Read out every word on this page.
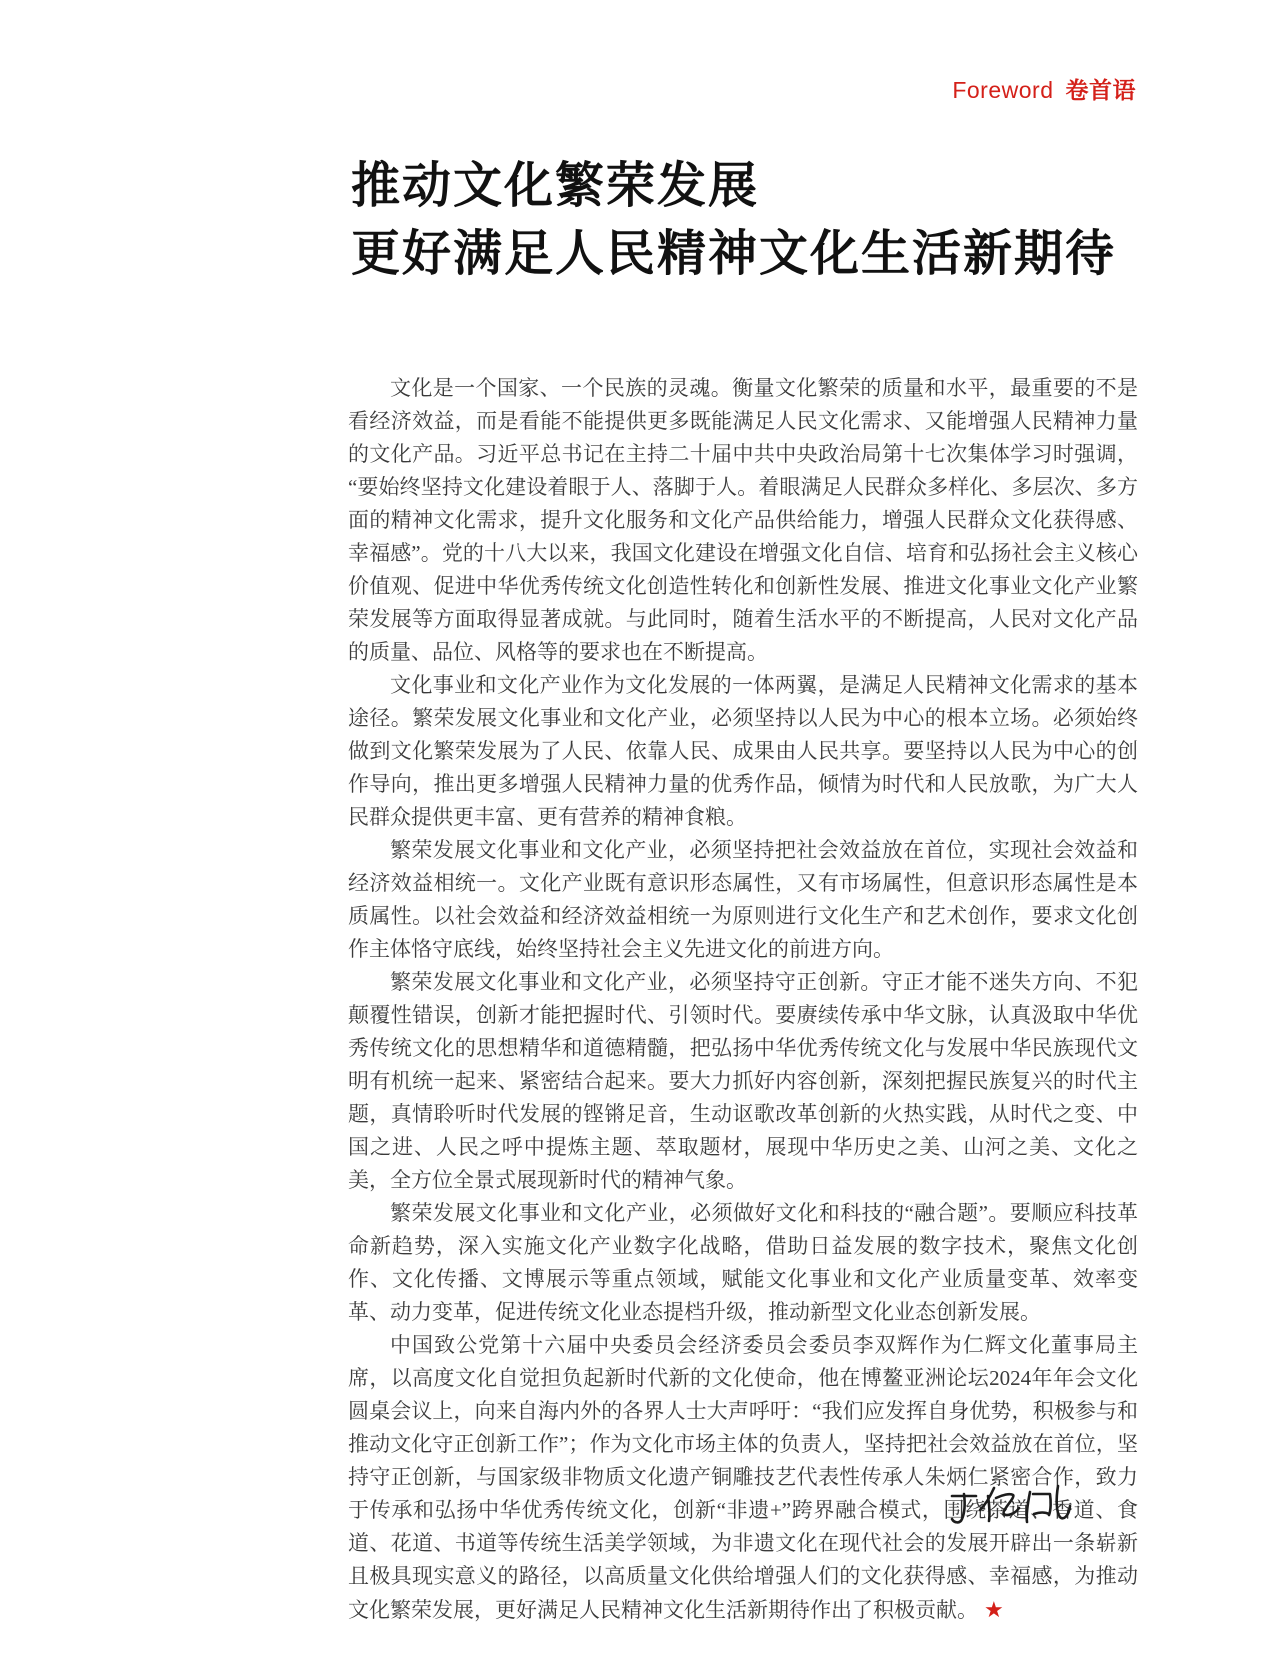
Foreword 卷首语
推动文化繁荣发展
更好满足人民精神文化生活新期待

文化是一个国家、一个民族的灵魂。衡量文化繁荣的质量和水平，最重要的不是看经济效益，而是看能不能提供更多既能满足人民文化需求、又能增强人民精神力量的文化产品。习近平总书记在主持二十届中共中央政治局第十七次集体学习时强调，“要始终坚持文化建设着眼于人、落脚于人。着眼满足人民群众多样化、多层次、多方面的精神文化需求，提升文化服务和文化产品供给能力，增强人民群众文化获得感、幸福感”。党的十八大以来，我国文化建设在增强文化自信、培育和弘扬社会主义核心价值观、促进中华优秀传统文化创造性转化和创新性发展、推进文化事业文化产业繁荣发展等方面取得显著成就。与此同时，随着生活水平的不断提高，人民对文化产品的质量、品位、风格等的要求也在不断提高。

文化事业和文化产业作为文化发展的一体两翼，是满足人民精神文化需求的基本途径。繁荣发展文化事业和文化产业，必须坚持以人民为中心的根本立场。必须始终做到文化繁荣发展为了人民、依靠人民、成果由人民共享。要坚持以人民为中心的创作导向，推出更多增强人民精神力量的优秀作品，倾情为时代和人民放歌，为广大人民群众提供更丰富、更有营养的精神食粮。

繁荣发展文化事业和文化产业，必须坚持把社会效益放在首位，实现社会效益和经济效益相统一。文化产业既有意识形态属性，又有市场属性，但意识形态属性是本质属性。以社会效益和经济效益相统一为原则进行文化生产和艺术创作，要求文化创作主体恪守底线，始终坚持社会主义先进文化的前进方向。

繁荣发展文化事业和文化产业，必须坚持守正创新。守正才能不迷失方向、不犯颠覆性错误，创新才能把握时代、引领时代。要赓续传承中华文脉，认真汲取中华优秀传统文化的思想精华和道德精髓，把弘扬中华优秀传统文化与发展中华民族现代文明有机统一起来、紧密结合起来。要大力抓好内容创新，深刻把握民族复兴的时代主题，真情聆听时代发展的铿锵足音，生动讴歌改革创新的火热实践，从时代之变、中国之进、人民之呼中提炼主题、萃取题材，展现中华历史之美、山河之美、文化之美，全方位全景式展现新时代的精神气象。

繁荣发展文化事业和文化产业，必须做好文化和科技的“融合题”。要顺应科技革命新趋势，深入实施文化产业数字化战略，借助日益发展的数字技术，聚焦文化创作、文化传播、文博展示等重点领域，赋能文化事业和文化产业质量变革、效率变革、动力变革，促进传统文化业态提档升级，推动新型文化业态创新发展。

中国致公党第十六届中央委员会经济委员会委员李双辉作为仁辉文化董事局主席，以高度文化自觉担负起新时代新的文化使命，他在博鳌亚洲论坛2024年年会文化圆桌会议上，向来自海内外的各界人士大声呼吁：“我们应发挥自身优势，积极参与和推动文化守正创新工作”；作为文化市场主体的负责人，坚持把社会效益放在首位，坚持守正创新，与国家级非物质文化遗产铜雕技艺代表性传承人朱炳仁紧密合作，致力于传承和弘扬中华优秀传统文化，创新“非遗+”跨界融合模式，围绕茶道、香道、食道、花道、书道等传统生活美学领域，为非遗文化在现代社会的发展开辟出一条崭新且极具现实意义的路径，以高质量文化供给增强人们的文化获得感、幸福感，为推动文化繁荣发展，更好满足人民精神文化生活新期待作出了积极贡献。 ★
